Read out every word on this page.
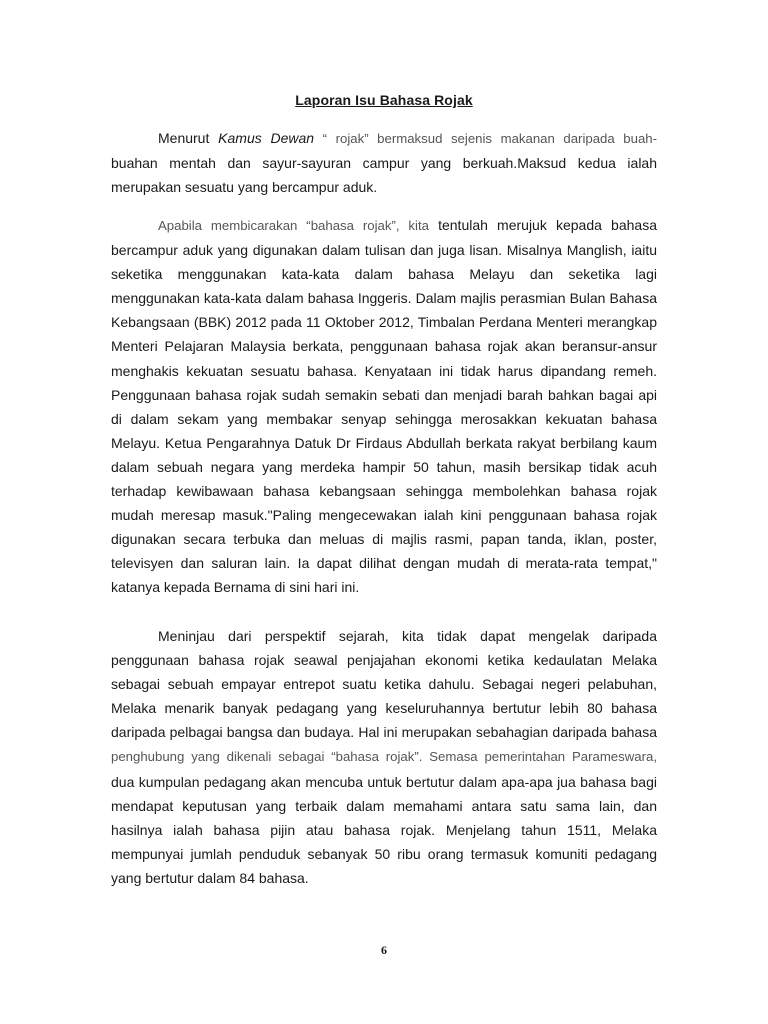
Laporan Isu Bahasa Rojak

Menurut Kamus Dewan “ rojak” bermaksud sejenis makanan daripada buah- buahan mentah dan sayur-sayuran campur yang berkuah.Maksud kedua ialah merupakan sesuatu yang bercampur aduk.

Apabila membicarakan “bahasa rojak”, kita tentulah merujuk kepada bahasa bercampur aduk yang digunakan dalam tulisan dan juga lisan. Misalnya Manglish, iaitu seketika menggunakan kata-kata dalam bahasa Melayu dan seketika lagi menggunakan kata-kata dalam bahasa Inggeris. Dalam majlis perasmian Bulan Bahasa Kebangsaan (BBK) 2012 pada 11 Oktober 2012, Timbalan Perdana Menteri merangkap Menteri Pelajaran Malaysia berkata, penggunaan bahasa rojak akan beransur-ansur menghakis kekuatan sesuatu bahasa. Kenyataan ini tidak harus dipandang remeh. Penggunaan bahasa rojak sudah semakin sebati dan menjadi barah bahkan bagai api di dalam sekam yang membakar senyap sehingga merosakkan kekuatan bahasa Melayu. Ketua Pengarahnya Datuk Dr Firdaus Abdullah berkata rakyat berbilang kaum dalam sebuah negara yang merdeka hampir 50 tahun, masih bersikap tidak acuh terhadap kewibawaan bahasa kebangsaan sehingga membolehkan bahasa rojak mudah meresap masuk."Paling mengecewakan ialah kini penggunaan bahasa rojak digunakan secara terbuka dan meluas di majlis rasmi, papan tanda, iklan, poster, televisyen dan saluran lain. Ia dapat dilihat dengan mudah di merata-rata tempat," katanya kepada Bernama di sini hari ini.

Meninjau dari perspektif sejarah, kita tidak dapat mengelak daripada penggunaan bahasa rojak seawal penjajahan ekonomi ketika kedaulatan Melaka sebagai sebuah empayar entrepot suatu ketika dahulu. Sebagai negeri pelabuhan, Melaka menarik banyak pedagang yang keseluruhannya bertutur lebih 80 bahasa daripada pelbagai bangsa dan budaya. Hal ini merupakan sebahagian daripada bahasa penghubung yang dikenali sebagai “bahasa rojak”. Semasa pemerintahan Parameswara, dua kumpulan pedagang akan mencuba untuk bertutur dalam apa-apa jua bahasa bagi mendapat keputusan yang terbaik dalam memahami antara satu sama lain, dan hasilnya ialah bahasa pijin atau bahasa rojak. Menjelang tahun 1511, Melaka mempunyai jumlah penduduk sebanyak 50 ribu orang termasuk komuniti pedagang yang bertutur dalam 84 bahasa.

6
